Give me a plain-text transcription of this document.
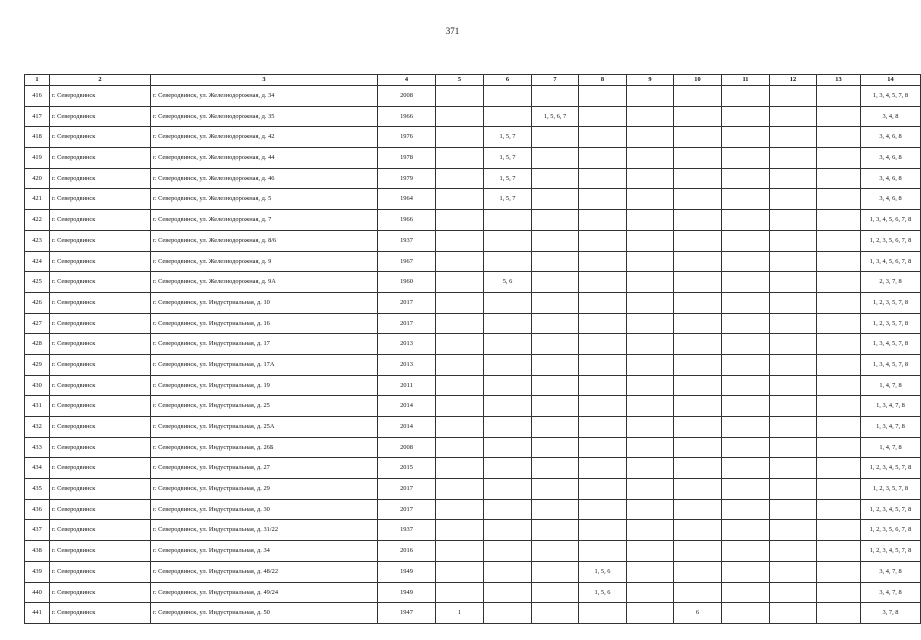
371
1	2	3	4	5	6	7	8	9	10	11	12	13	14
416	г. Северодвинск	г. Северодвинск, ул. Железнодорожная, д. 34	2008										1, 3, 4, 5, 7, 8
417	г. Северодвинск	г. Северодвинск, ул. Железнодорожная, д. 35	1966			1, 5, 6, 7							3, 4, 8
418	г. Северодвинск	г. Северодвинск, ул. Железнодорожная, д. 42	1976		1, 5, 7								3, 4, 6, 8
419	г. Северодвинск	г. Северодвинск, ул. Железнодорожная, д. 44	1978		1, 5, 7								3, 4, 6, 8
420	г. Северодвинск	г. Северодвинск, ул. Железнодорожная, д. 46	1979		1, 5, 7								3, 4, 6, 8
421	г. Северодвинск	г. Северодвинск, ул. Железнодорожная, д. 5	1964		1, 5, 7								3, 4, 6, 8
422	г. Северодвинск	г. Северодвинск, ул. Железнодорожная, д. 7	1966										1, 3, 4, 5, 6, 7, 8
423	г. Северодвинск	г. Северодвинск, ул. Железнодорожная, д. 8/6	1937										1, 2, 3, 5, 6, 7, 8
424	г. Северодвинск	г. Северодвинск, ул. Железнодорожная, д. 9	1967										1, 3, 4, 5, 6, 7, 8
425	г. Северодвинск	г. Северодвинск, ул. Железнодорожная, д. 9А	1960		5, 6								2, 3, 7, 8
426	г. Северодвинск	г. Северодвинск, ул. Индустриальная, д. 10	2017										1, 2, 3, 5, 7, 8
427	г. Северодвинск	г. Северодвинск, ул. Индустриальная, д. 16	2017										1, 2, 3, 5, 7, 8
428	г. Северодвинск	г. Северодвинск, ул. Индустриальная, д. 17	2013										1, 3, 4, 5, 7, 8
429	г. Северодвинск	г. Северодвинск, ул. Индустриальная, д. 17А	2013										1, 3, 4, 5, 7, 8
430	г. Северодвинск	г. Северодвинск, ул. Индустриальная, д. 19	2011										1, 4, 7, 8
431	г. Северодвинск	г. Северодвинск, ул. Индустриальная, д. 25	2014										1, 3, 4, 7, 8
432	г. Северодвинск	г. Северодвинск, ул. Индустриальная, д. 25А	2014										1, 3, 4, 7, 8
433	г. Северодвинск	г. Северодвинск, ул. Индустриальная, д. 26Б	2008										1, 4, 7, 8
434	г. Северодвинск	г. Северодвинск, ул. Индустриальная, д. 27	2015										1, 2, 3, 4, 5, 7, 8
435	г. Северодвинск	г. Северодвинск, ул. Индустриальная, д. 29	2017										1, 2, 3, 5, 7, 8
436	г. Северодвинск	г. Северодвинск, ул. Индустриальная, д. 30	2017										1, 2, 3, 4, 5, 7, 8
437	г. Северодвинск	г. Северодвинск, ул. Индустриальная, д. 31/22	1937										1, 2, 3, 5, 6, 7, 8
438	г. Северодвинск	г. Северодвинск, ул. Индустриальная, д. 34	2016										1, 2, 3, 4, 5, 7, 8
439	г. Северодвинск	г. Северодвинск, ул. Индустриальная, д. 48/22	1949				1, 5, 6						3, 4, 7, 8
440	г. Северодвинск	г. Северодвинск, ул. Индустриальная, д. 49/24	1949				1, 5, 6						3, 4, 7, 8
441	г. Северодвинск	г. Северодвинск, ул. Индустриальная, д. 50	1947	1					6				3, 7, 8
